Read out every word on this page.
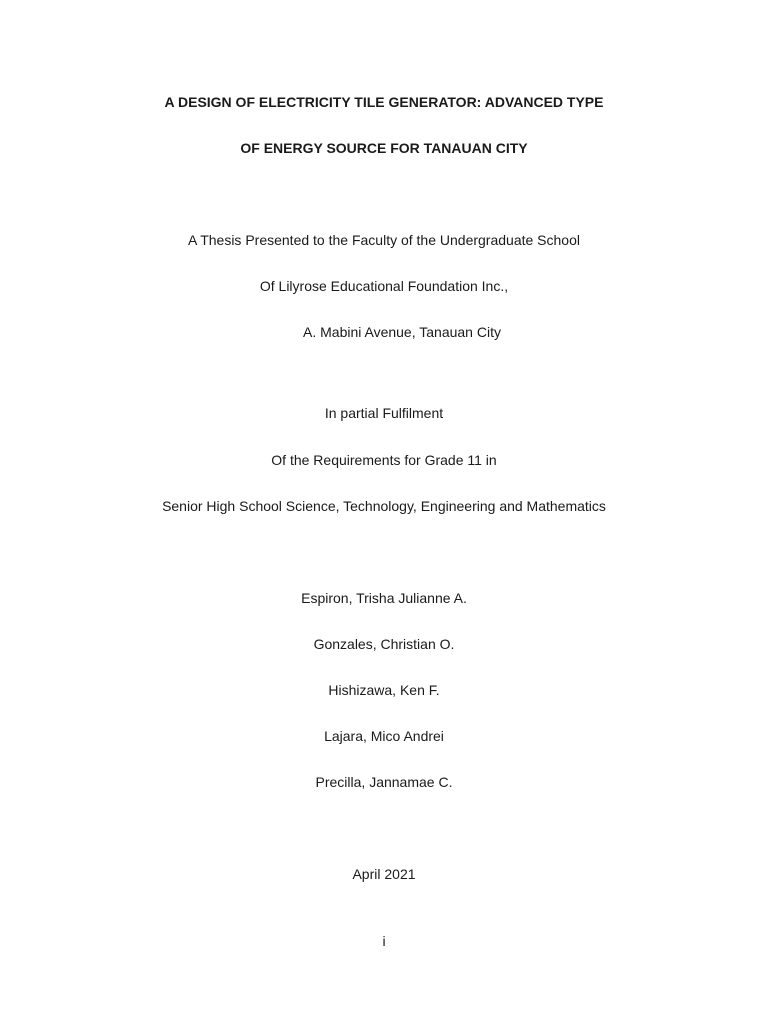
A DESIGN OF ELECTRICITY TILE GENERATOR: ADVANCED TYPE
OF ENERGY SOURCE FOR TANAUAN CITY
A Thesis Presented to the Faculty of the Undergraduate School
Of Lilyrose Educational Foundation Inc.,
A. Mabini Avenue, Tanauan City
In partial Fulfilment
Of the Requirements for Grade 11 in
Senior High School Science, Technology, Engineering and Mathematics
Espiron, Trisha Julianne A.
Gonzales, Christian O.
Hishizawa, Ken F.
Lajara, Mico Andrei
Precilla, Jannamae C.
April 2021
i
